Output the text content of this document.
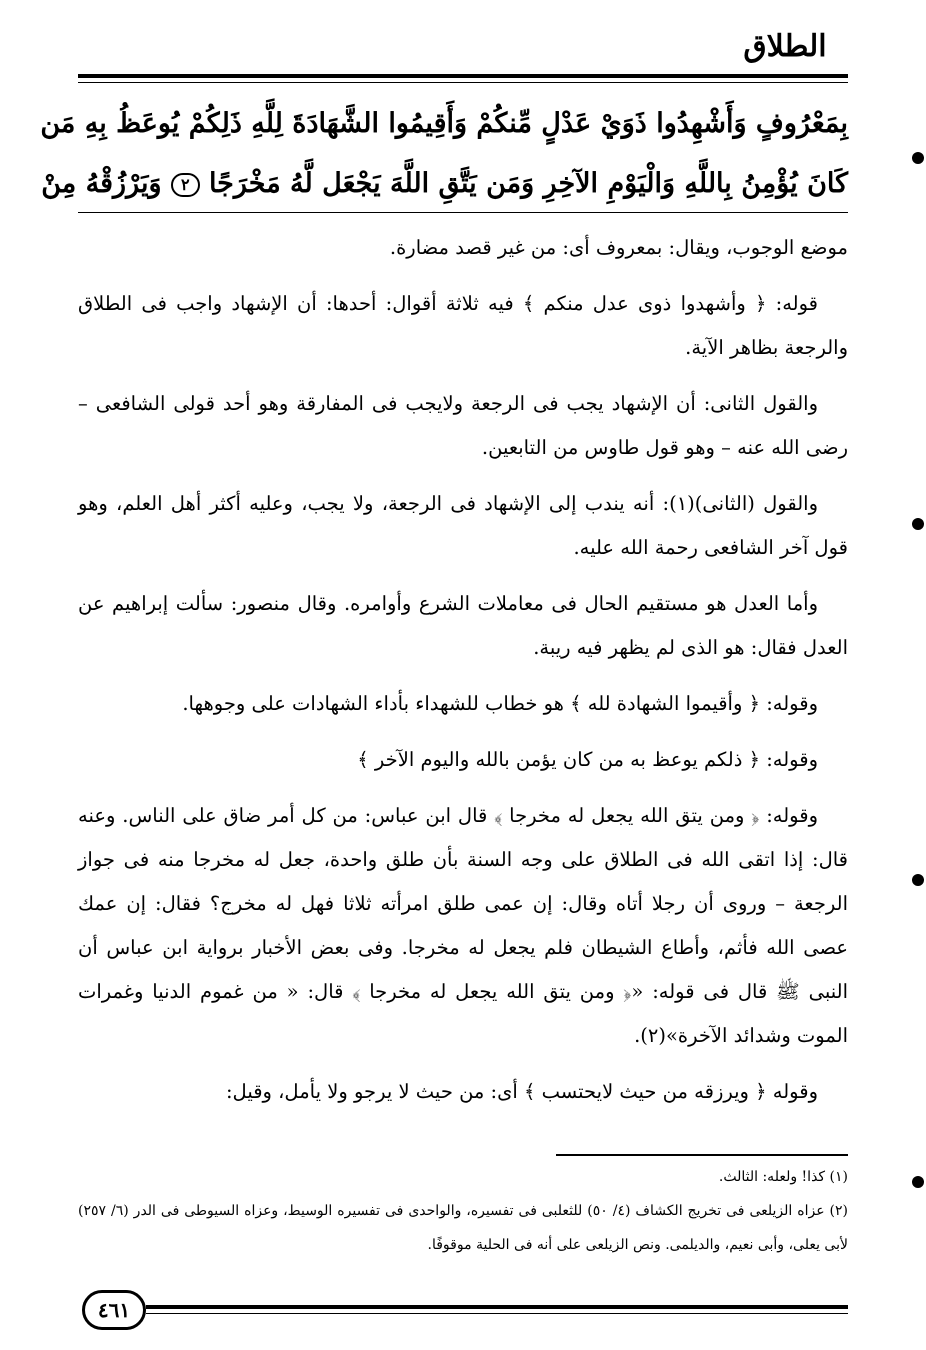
الطلاق
بِمَعْرُوفٍ وَأَشْهِدُوا ذَوَيْ عَدْلٍ مِّنكُمْ وَأَقِيمُوا الشَّهَادَةَ لِلَّهِ ذَلِكُمْ يُوعَظُ بِهِ مَن
كَانَ يُؤْمِنُ بِاللَّهِ وَالْيَوْمِ الآخِرِ وَمَن يَتَّقِ اللَّهَ يَجْعَل لَّهُ مَخْرَجًا ٢ وَيَرْزُقْهُ مِنْ

موضع الوجوب، ويقال: بمعروف أى: من غير قصد مضارة.

قوله: ﴿ وأشهدوا ذوى عدل منكم ﴾ فيه ثلاثة أقوال: أحدها: أن الإشهاد واجب فى الطلاق والرجعة بظاهر الآية.

والقول الثانى: أن الإشهاد يجب فى الرجعة ولايجب فى المفارقة وهو أحد قولى الشافعى – رضى الله عنه – وهو قول طاوس من التابعين.

والقول (الثانى)(١): أنه يندب إلى الإشهاد فى الرجعة، ولا يجب، وعليه أكثر أهل العلم، وهو قول آخر الشافعى رحمة الله عليه.

وأما العدل هو مستقيم الحال فى معاملات الشرع وأوامره. وقال منصور: سألت إبراهيم عن العدل فقال: هو الذى لم يظهر فيه ريبة.

وقوله: ﴿ وأقيموا الشهادة لله ﴾ هو خطاب للشهداء بأداء الشهادات على وجوهها.

وقوله: ﴿ ذلكم يوعظ به من كان يؤمن بالله واليوم الآخر ﴾

وقوله: ﴿ ومن يتق الله يجعل له مخرجا ﴾ قال ابن عباس: من كل أمر ضاق على الناس. وعنه قال: إذا اتقى الله فى الطلاق على وجه السنة بأن طلق واحدة، جعل له مخرجا منه فى جواز الرجعة – وروى أن رجلا أتاه وقال: إن عمى طلق امرأته ثلاثا فهل له مخرج؟ فقال: إن عمك عصى الله فأثم، وأطاع الشيطان فلم يجعل له مخرجا. وفى بعض الأخبار برواية ابن عباس أن النبى ﷺ قال فى قوله: «﴿ ومن يتق الله يجعل له مخرجا ﴾ قال: « من غموم الدنيا وغمرات الموت وشدائد الآخرة»(٢).

وقوله ﴿ ويرزقه من حيث لايحتسب ﴾ أى: من حيث لا يرجو ولا يأمل، وقيل:

(١) كذا! ولعله: الثالث.

(٢) عزاه الزيلعى فى تخريج الكشاف (٤/ ٥٠) للثعلبى فى تفسيره، والواحدى فى تفسيره الوسيط، وعزاه السيوطى فى الدر (٦/ ٢٥٧) لأبى يعلى، وأبى نعيم، والديلمى. ونص الزيلعى على أنه فى الحلية موقوفًا.

٤٦١
